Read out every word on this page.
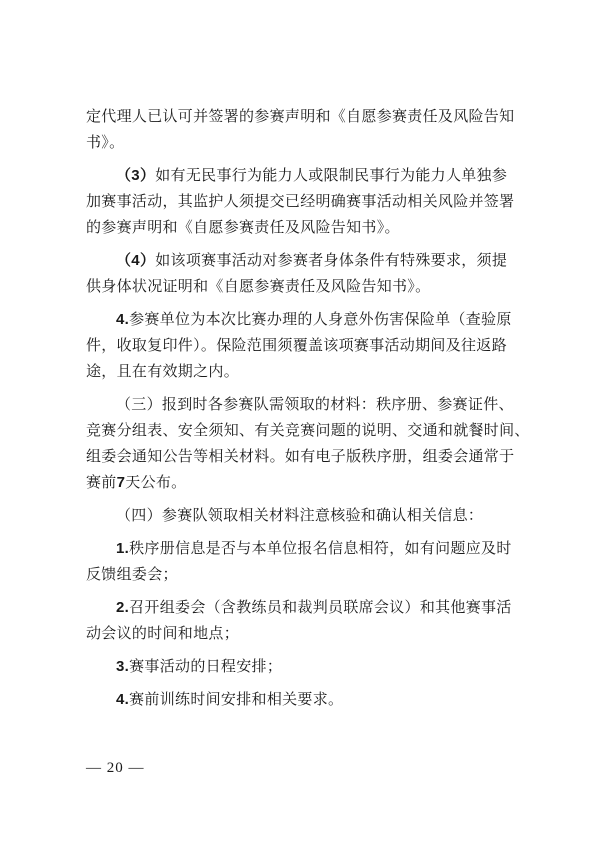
定代理人已认可并签署的参赛声明和《自愿参赛责任及风险告知
书》。
（3）如有无民事行为能力人或限制民事行为能力人单独参
加赛事活动，其监护人须提交已经明确赛事活动相关风险并签署
的参赛声明和《自愿参赛责任及风险告知书》。
（4）如该项赛事活动对参赛者身体条件有特殊要求，须提
供身体状况证明和《自愿参赛责任及风险告知书》。
4.参赛单位为本次比赛办理的人身意外伤害保险单（查验原
件，收取复印件）。保险范围须覆盖该项赛事活动期间及往返路
途，且在有效期之内。
（三）报到时各参赛队需领取的材料：秩序册、参赛证件、
竞赛分组表、安全须知、有关竞赛问题的说明、交通和就餐时间、
组委会通知公告等相关材料。如有电子版秩序册，组委会通常于
赛前7天公布。
（四）参赛队领取相关材料注意核验和确认相关信息：
1.秩序册信息是否与本单位报名信息相符，如有问题应及时
反馈组委会；
2.召开组委会（含教练员和裁判员联席会议）和其他赛事活
动会议的时间和地点；
3.赛事活动的日程安排；
4.赛前训练时间安排和相关要求。
— 20 —
